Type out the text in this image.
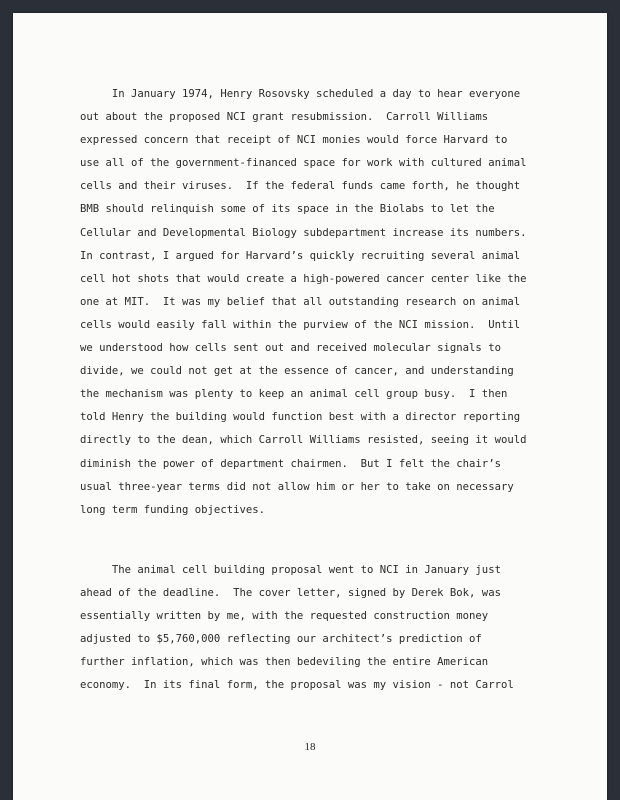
In January 1974, Henry Rosovsky scheduled a day to hear everyone
out about the proposed NCI grant resubmission.  Carroll Williams
expressed concern that receipt of NCI monies would force Harvard to
use all of the government-financed space for work with cultured animal
cells and their viruses.  If the federal funds came forth, he thought
BMB should relinquish some of its space in the Biolabs to let the
Cellular and Developmental Biology subdepartment increase its numbers.
In contrast, I argued for Harvard’s quickly recruiting several animal
cell hot shots that would create a high-powered cancer center like the
one at MIT.  It was my belief that all outstanding research on animal
cells would easily fall within the purview of the NCI mission.  Until
we understood how cells sent out and received molecular signals to
divide, we could not get at the essence of cancer, and understanding
the mechanism was plenty to keep an animal cell group busy.  I then
told Henry the building would function best with a director reporting
directly to the dean, which Carroll Williams resisted, seeing it would
diminish the power of department chairmen.  But I felt the chair’s
usual three-year terms did not allow him or her to take on necessary
long term funding objectives.

The animal cell building proposal went to NCI in January just
ahead of the deadline.  The cover letter, signed by Derek Bok, was
essentially written by me, with the requested construction money
adjusted to $5,760,000 reflecting our architect’s prediction of
further inflation, which was then bedeviling the entire American
economy.  In its final form, the proposal was my vision - not Carrol

18
